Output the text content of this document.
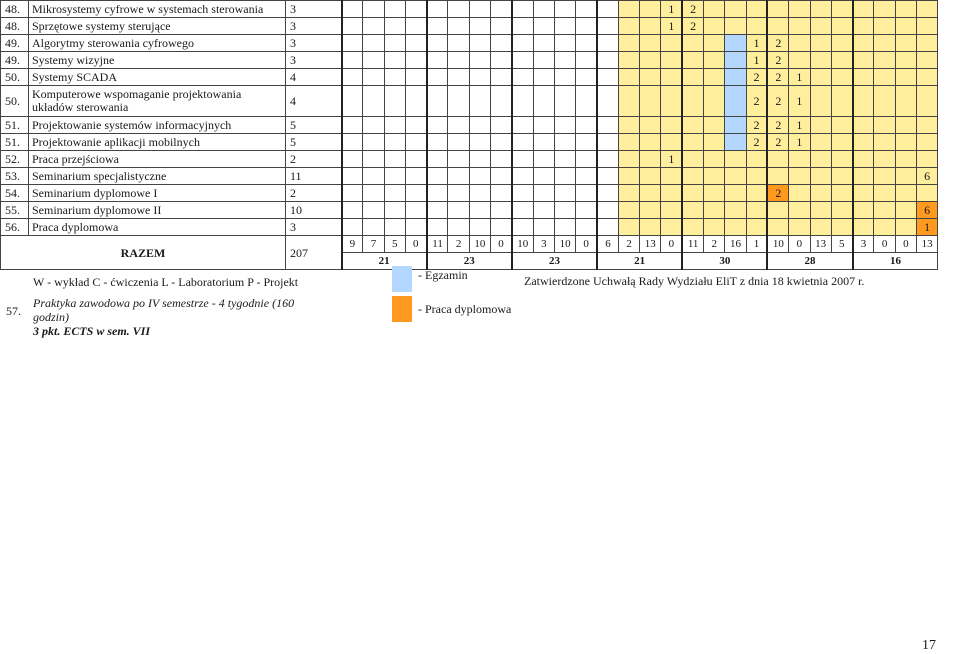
48.	Mikrosystemy cyfrowe w systemach sterowania	3																1	2											
48.	Sprzętowe systemy sterujące	3																1	2											
49.	Algorytmy sterowania cyfrowego	3																				1	2							
49.	Systemy wizyjne	3																				1	2							
50.	Systemy SCADA	4																				2	2	1						
50.	Komputerowe wspomaganie projektowania układów sterowania	4																				2	2	1						
51.	Projektowanie systemów informacyjnych	5																				2	2	1						
51.	Projektowanie aplikacji mobilnych	5																				2	2	1						
52.	Praca przejściowa	2																1												
53.	Seminarium specjalistyczne	11																												6
54.	Seminarium dyplomowe I	2																					2							
55.	Seminarium dyplomowe II	10																												6
56.	Praca dyplomowa	3																												1
RAZEM		207	9	7	5	0	11	2	10	0	10	3	10	0	6	2	13	0	11	2	16	1	10	0	13	5	3	0	0	13
			21				23				23				21				30				28				16			
57.
W - wykład C - ćwiczenia L - Laboratorium P - Projekt
Praktyka zawodowa po IV semestrze - 4 tygodnie (160 godzin)
3 pkt. ECTS w sem. VII
- Egzamin
- Praca dyplomowa
Zatwierdzone Uchwałą Rady Wydziału EliT z dnia 18 kwietnia 2007 r.
17
